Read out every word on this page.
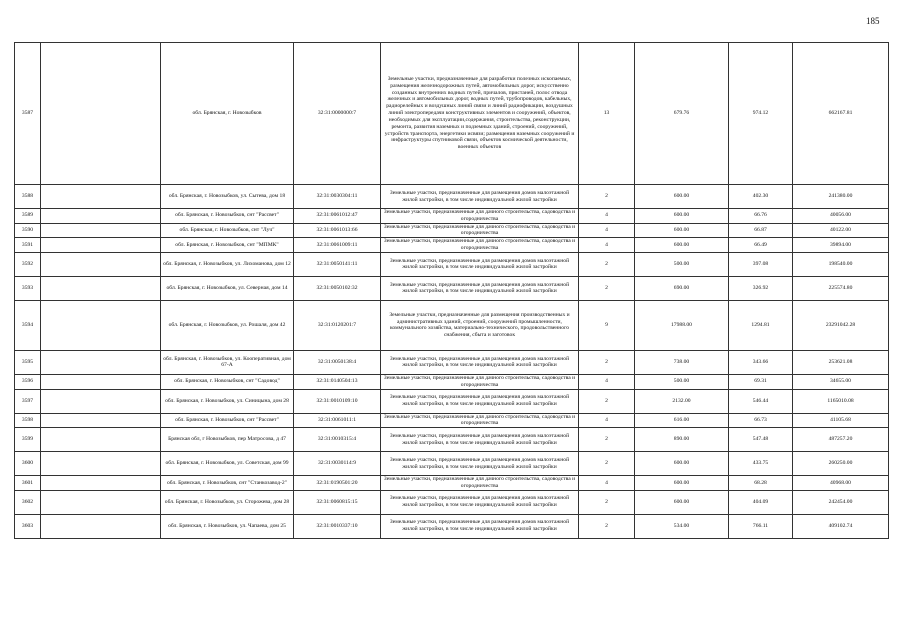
185
3587		обл. Брянская, г. Новозыбков	32:31:0000000:7	Земельные участки, предназначенные для разработки полезных ископаемых, размещения железнодорожных путей, автомобильных дорог, искусственно созданных внутренних водных путей, причалов, пристаней, полос отвода железных и автомобильных дорог, водных путей, трубопроводов, кабельных, радиорелейных и воздушных линий связи и линий радиофикации, воздушных линий электропередачи конструктивных элементов и сооружений, объектов, необходимых для эксплуатации,содержания, строительства, реконструкции, ремонта, развития наземных и подземных зданий, строений, сооружений, устройств транспорта, энергетики исвязи; размещения наземных сооружений и инфраструктуры спутниковой связи, объектов космической деятельности, военных объектов	13	679.76	974.12	662167.81
3588		обл. Брянская, г. Новозыбков, ул. Сытева, дом 18	32:31:0030304:11	Земельные участки, предназначенные для размещения домов малоэтажной жилой застройки, в том числе индивидуальной жилой застройки	2	600.00	402.30	241380.00
3589		обл. Брянская, г. Новозыбков, снт "Рассвет"	32:31:0061012:47	Земельные участки, предназначенные для дачного строительства, садоводства и огородничества	4	600.00	66.76	40056.00
3590		обл. Брянская, г. Новозыбков, снт "Луч"	32:31:0061013:66	Земельные участки, предназначенные для дачного строительства, садоводства и огородничества	4	600.00	66.87	40122.00
3591		обл. Брянская, г. Новозыбков, снт "МПМК"	32:31:0061009:11	Земельные участки, предназначенные для дачного строительства, садоводства и огородничества	4	600.00	66.49	39894.00
3592		обл. Брянская, г. Новозыбков, ул. Лихоманова, дом 12	32:31:0050141:11	Земельные участки, предназначенные для размещения домов малоэтажной жилой застройки, в том числе индивидуальной жилой застройки	2	500.00	397.08	198540.00
3593		обл. Брянская, г. Новозыбков, ул. Северная, дом 14	32:31:0050102:32	Земельные участки, предназначенные для размещения домов малоэтажной жилой застройки, в том числе индивидуальной жилой застройки	2	690.00	326.92	225574.80
3594		обл. Брянская, г. Новозыбков, ул. Рошаля, дом 42	32:31:0120201:7	Земельные участки, предназначенные для размещения производственных и административных зданий, строений, сооружений промышленности, коммунального хозяйства, материально-технического, продовольственного снабжения, сбыта и заготовок	9	17988.00	1294.81	23291042.28
3595		обл. Брянская, г. Новозыбков, ул. Кооперативная, дом 67-А	32:31:0050138:4	Земельные участки, предназначенные для размещения домов малоэтажной жилой застройки, в том числе индивидуальной жилой застройки	2	738.00	343.66	253621.08
3596		обл. Брянская, г. Новозыбков, снт "Садовод"	32:31:0140504:13	Земельные участки, предназначенные для дачного строительства, садоводства и огородничества	4	500.00	69.31	34655.00
3597		обл. Брянская, г. Новозыбков, ул. Синицына, дом 28	32:31:0010109:10	Земельные участки, предназначенные для размещения домов малоэтажной жилой застройки, в том числе индивидуальной жилой застройки	2	2132.00	546.44	1165010.08
3598		обл. Брянская, г. Новозыбков, снт "Рассвет"	32:31:0061011:1	Земельные участки, предназначенные для дачного строительства, садоводства и огородничества	4	616.00	66.73	41105.68
3599		Брянская обл, г Новозыбков, пер Матросова, д 47	32:31:0010315:4	Земельные участки, предназначенные для размещения домов малоэтажной жилой застройки, в том числе индивидуальной жилой застройки	2	890.00	547.48	487257.20
3600		обл. Брянская, г. Новозыбков, ул. Советская, дом 99	32:31:0030114:9	Земельные участки, предназначенные для размещения домов малоэтажной жилой застройки, в том числе индивидуальной жилой застройки	2	600.00	433.75	260250.00
3601		обл. Брянская, г. Новозыбков, снт "Станкозавод-2"	32:31:0190501:20	Земельные участки, предназначенные для дачного строительства, садоводства и огородничества	4	600.00	68.28	40968.00
3602		обл. Брянская, г. Новозыбков, ул. Сторожева, дом 28	32:31:0060815:15	Земельные участки, предназначенные для размещения домов малоэтажной жилой застройки, в том числе индивидуальной жилой застройки	2	600.00	404.09	242454.00
3603		обл. Брянская, г. Новозыбков, ул. Чапаева, дом 25	32:31:0010337:10	Земельные участки, предназначенные для размещения домов малоэтажной жилой застройки, в том числе индивидуальной жилой застройки	2	534.00	766.11	409102.74
